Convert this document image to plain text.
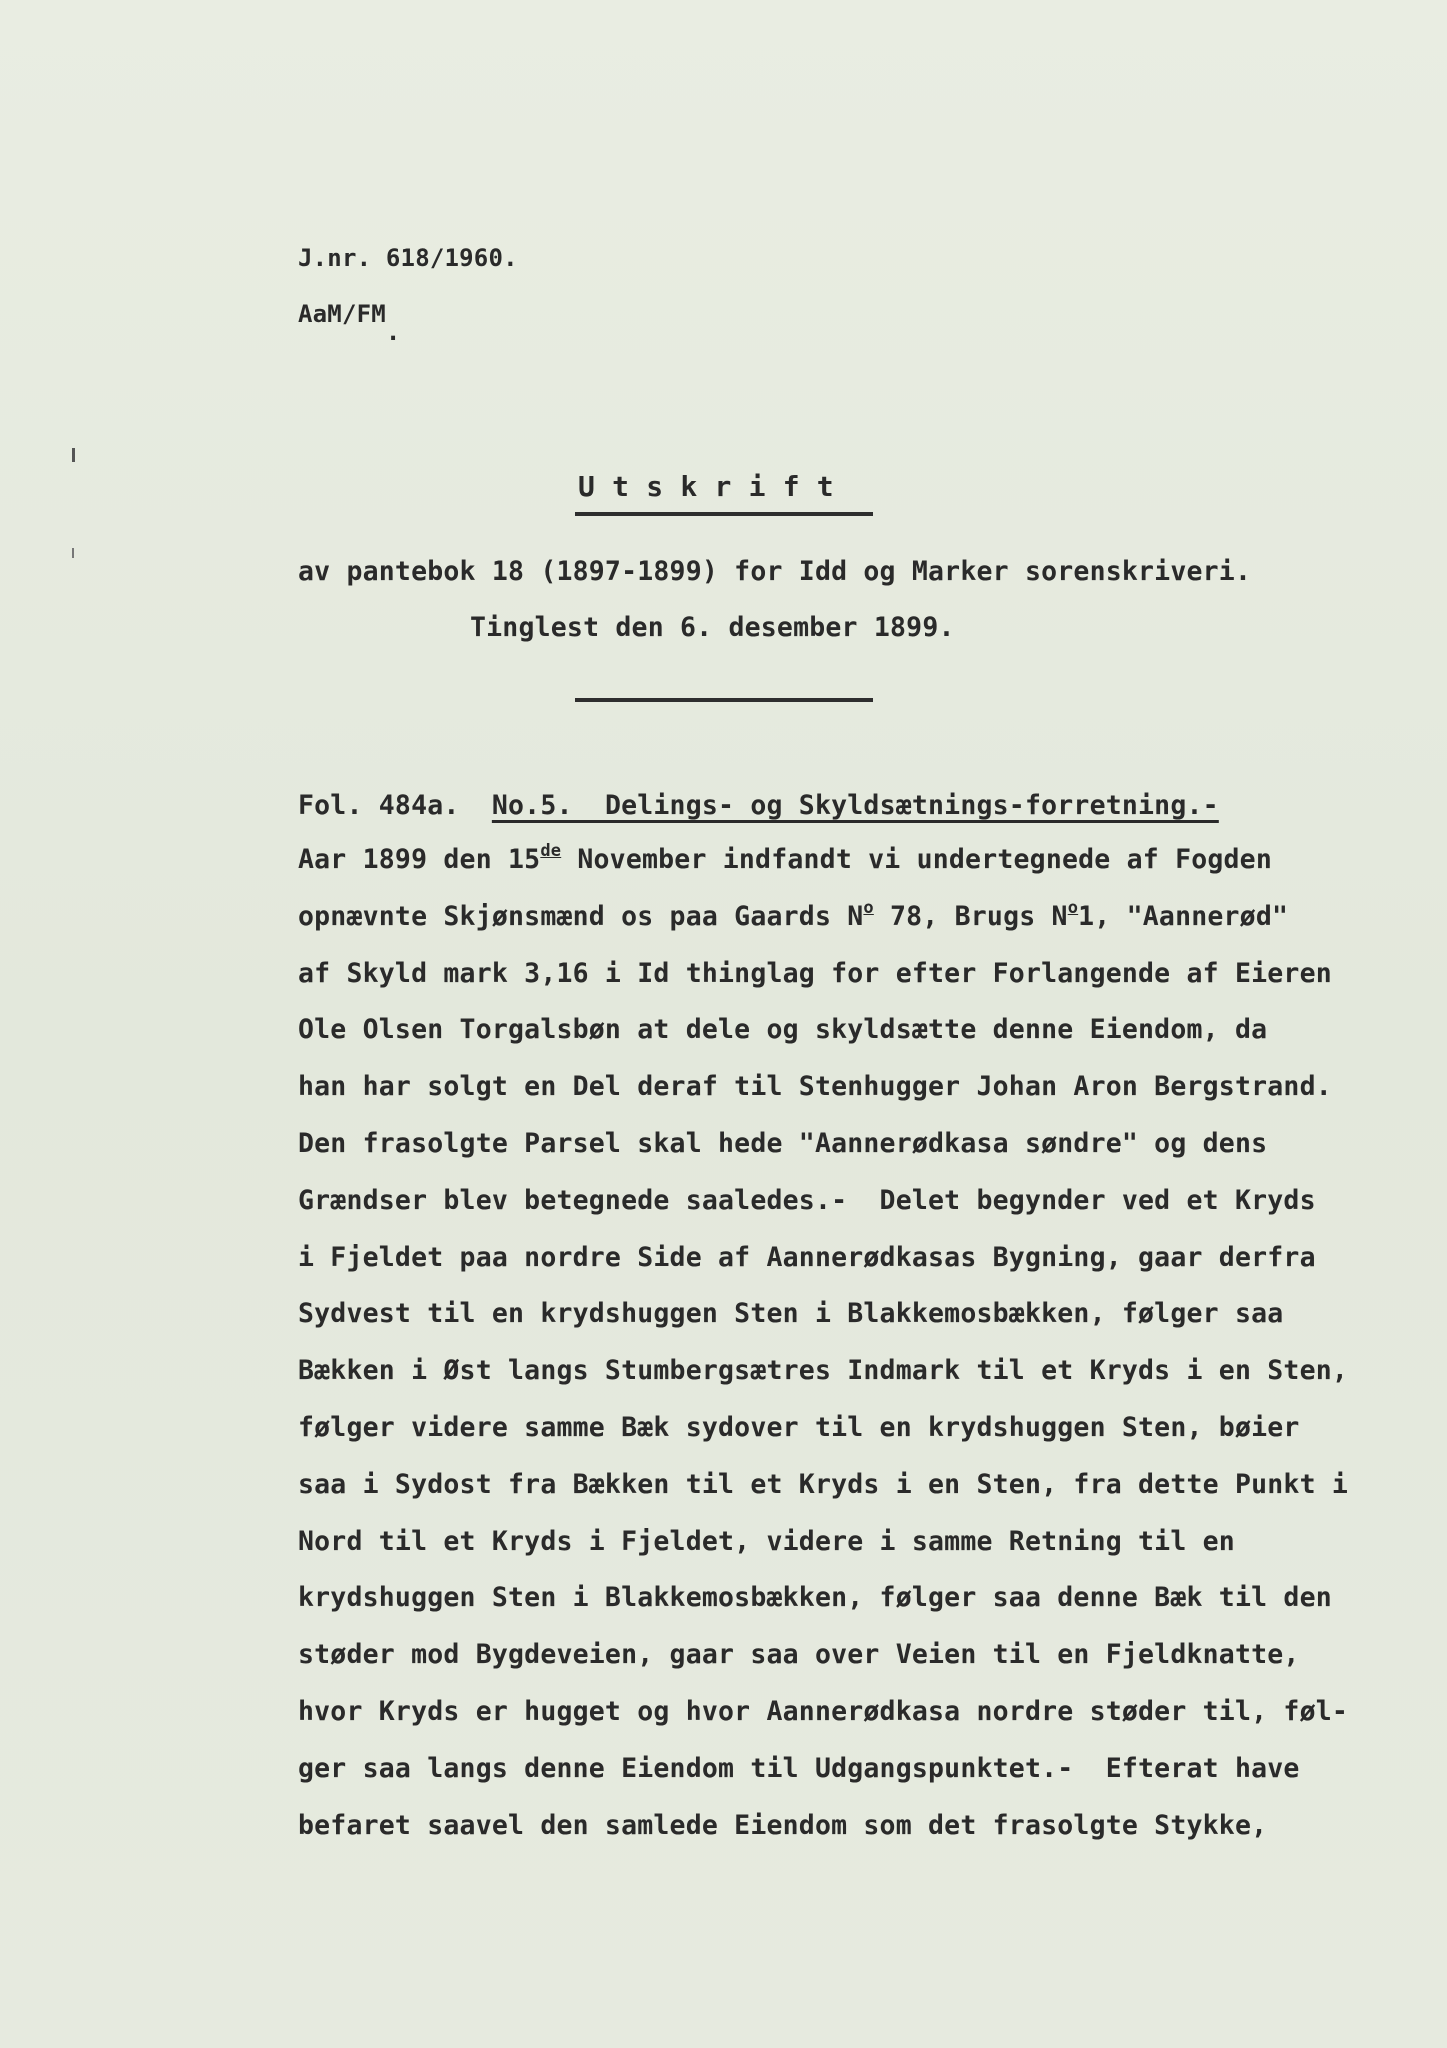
J.nr. 618/1960.

AaM/FM.

U t s k r i f t

av pantebok 18 (1897-1899) for Idd og Marker sorenskriveri.

Tinglest den 6. desember 1899.

Fol. 484a. No.5.  Delings- og Skyldsætnings-forretning.-

Aar 1899 den 15de November indfandt vi undertegnede af Fogden

opnævnte Skjønsmænd os paa Gaards $N^o$ 78, Brugs $N^o1$, "Aannerød"

af Skyld mark 3,16 i Id thinglag for efter Forlangende af Eieren

Ole Olsen Torgalsbøn at dele og skyldsætte denne Eiendom, da

han har solgt en Del deraf til Stenhugger Johan Aron Bergstrand.

Den frasolgte Parsel skal hede "Aannerødkasa søndre" og dens

Grændser blev betegnede saaledes.-  Delet begynder ved et Kryds

i Fjeldet paa nordre Side af Aannerødkasas Bygning, gaar derfra

Sydvest til en krydshuggen Sten i Blakkemosbækken, følger saa

Bækken i Øst langs Stumbergsætres Indmark til et Kryds i en Sten,

følger videre samme Bæk sydover til en krydshuggen Sten, bøier

saa i Sydost fra Bækken til et Kryds i en Sten, fra dette Punkt i

Nord til et Kryds i Fjeldet, videre i samme Retning til en

krydshuggen Sten i Blakkemosbækken, følger saa denne Bæk til den

støder mod Bygdeveien, gaar saa over Veien til en Fjeldknatte,

hvor Kryds er hugget og hvor Aannerødkasa nordre støder til, føl-

ger saa langs denne Eiendom til Udgangspunktet.-  Efterat have

befaret saavel den samlede Eiendom som det frasolgte Stykke,
